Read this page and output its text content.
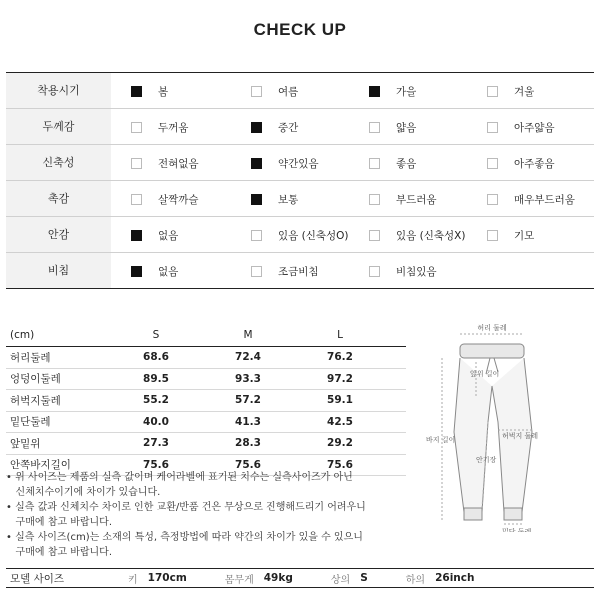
CHECK UP
착용시기	봄	여름	가을	겨울
두께감	두꺼움	중간	얇음	아주얇음
신축성	전혀없음	약간있음	좋음	아주좋음
촉감	살짝까슬	보통	부드러움	매우부드러움
안감	없음	있음 (신축성O)	있음 (신축성X)	기모
비침	없음	조금비침	비침있음
(cm)	S	M	L
허리둘레	68.6	72.4	76.2
엉덩이둘레	89.5	93.3	97.2
허벅지둘레	55.2	57.2	59.1
밑단둘레	40.0	41.3	42.5
앞밑위	27.3	28.3	29.2
안쪽바지길이	75.6	75.6	75.6
허리 둘레
앞위 길이
바지 길이	허벅지 둘레
안기장
밑단 둘레

• 위 사이즈는 제품의 실측 값이며 케어라벨에 표기된 치수는 실측사이즈가 아닌

신체치수이기에 차이가 있습니다.

• 실측 값과 신체치수 차이로 인한 교환/반품 건은 무상으로 진행해드리기 어려우니

구매에 참고 바랍니다.

• 실측 사이즈(cm)는 소재의 특성, 측정방법에 따라 약간의 차이가 있을 수 있으니

구매에 참고 바랍니다.

모델 사이즈	키 170cm	몸무게 49kg	상의 S	하의 26inch
